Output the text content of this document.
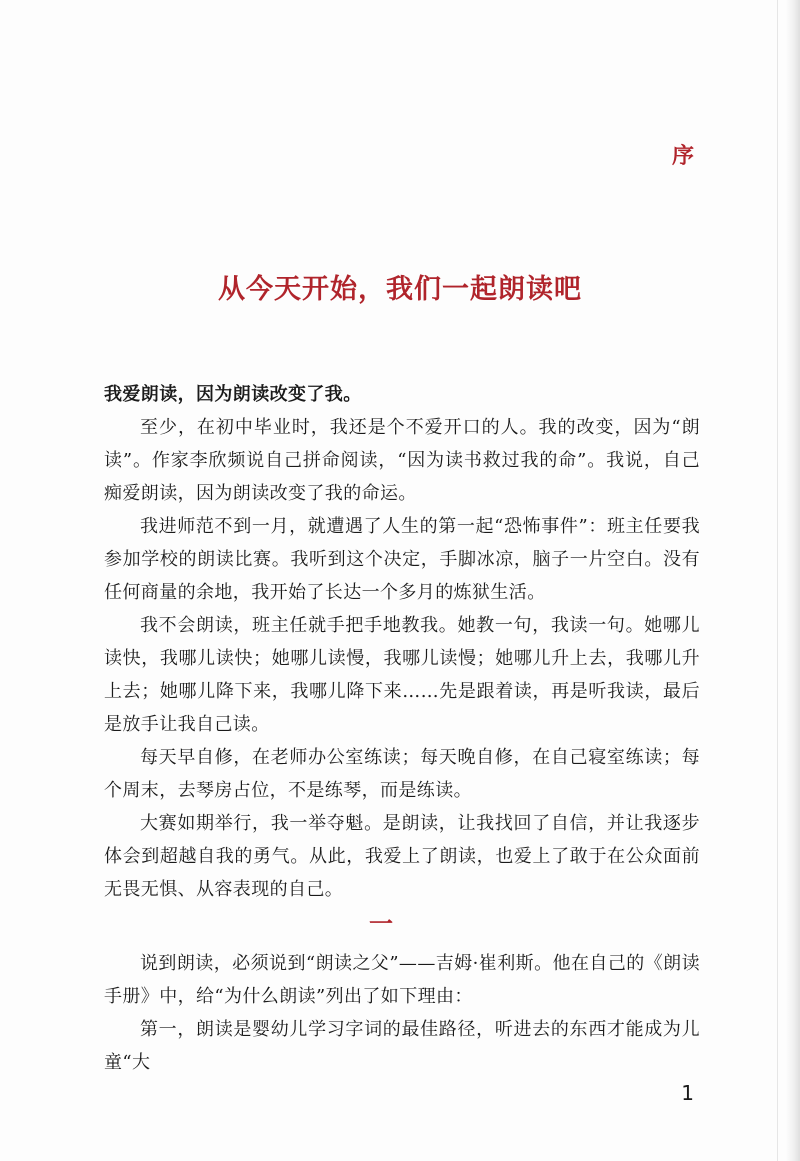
序
从今天开始，我们一起朗读吧

我爱朗读，因为朗读改变了我。

至少，在初中毕业时，我还是个不爱开口的人。我的改变，因为“朗读”。作家李欣频说自己拼命阅读，“因为读书救过我的命”。我说，自己痴爱朗读，因为朗读改变了我的命运。

我进师范不到一月，就遭遇了人生的第一起“恐怖事件”：班主任要我参加学校的朗读比赛。我听到这个决定，手脚冰凉，脑子一片空白。没有任何商量的余地，我开始了长达一个多月的炼狱生活。

我不会朗读，班主任就手把手地教我。她教一句，我读一句。她哪儿读快，我哪儿读快；她哪儿读慢，我哪儿读慢；她哪儿升上去，我哪儿升上去；她哪儿降下来，我哪儿降下来……先是跟着读，再是听我读，最后是放手让我自己读。

每天早自修，在老师办公室练读；每天晚自修，在自己寝室练读；每个周末，去琴房占位，不是练琴，而是练读。

大赛如期举行，我一举夺魁。是朗读，让我找回了自信，并让我逐步体会到超越自我的勇气。从此，我爱上了朗读，也爱上了敢于在公众面前无畏无惧、从容表现的自己。

一

说到朗读，必须说到“朗读之父”——吉姆·崔利斯。他在自己的《朗读手册》中，给“为什么朗读”列出了如下理由：

第一，朗读是婴幼儿学习字词的最佳路径，听进去的东西才能成为儿童“大

1
